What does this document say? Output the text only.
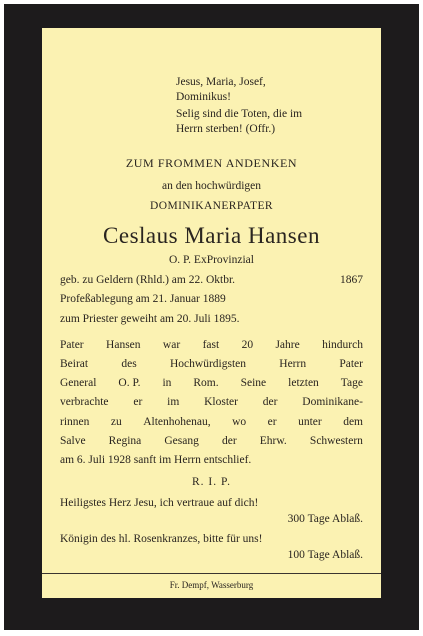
Jesus, Maria, Josef,
Dominikus!
Selig sind die Toten, die im
Herrn sterben! (Offr.)
ZUM FROMMEN ANDENKEN
an den hochwürdigen
DOMINIKANERPATER
Ceslaus Maria Hansen
O. P. ExProvinzial
geb. zu Geldern (Rhld.) am 22. Oktbr.	1867
Profeßablegung am 21. Januar 1889
zum Priester geweiht am 20. Juli 1895.
Pater Hansen war fast 20 Jahre hindurch
Beirat	des	Hochwürdigsten	Herrn	Pater
General O. P. in Rom. Seine letzten Tage
verbrachte er im Kloster der Dominikane-
rinnen zu Altenhohenau, wo er unter dem
Salve Regina Gesang der Ehrw. Schwestern
am 6. Juli 1928 sanft im Herrn entschlief.
R. I. P.
Heiligstes Herz Jesu, ich vertraue auf dich!
300 Tage Ablaß.
Königin des hl. Rosenkranzes, bitte für uns!
100 Tage Ablaß.
Fr. Dempf, Wasserburg
